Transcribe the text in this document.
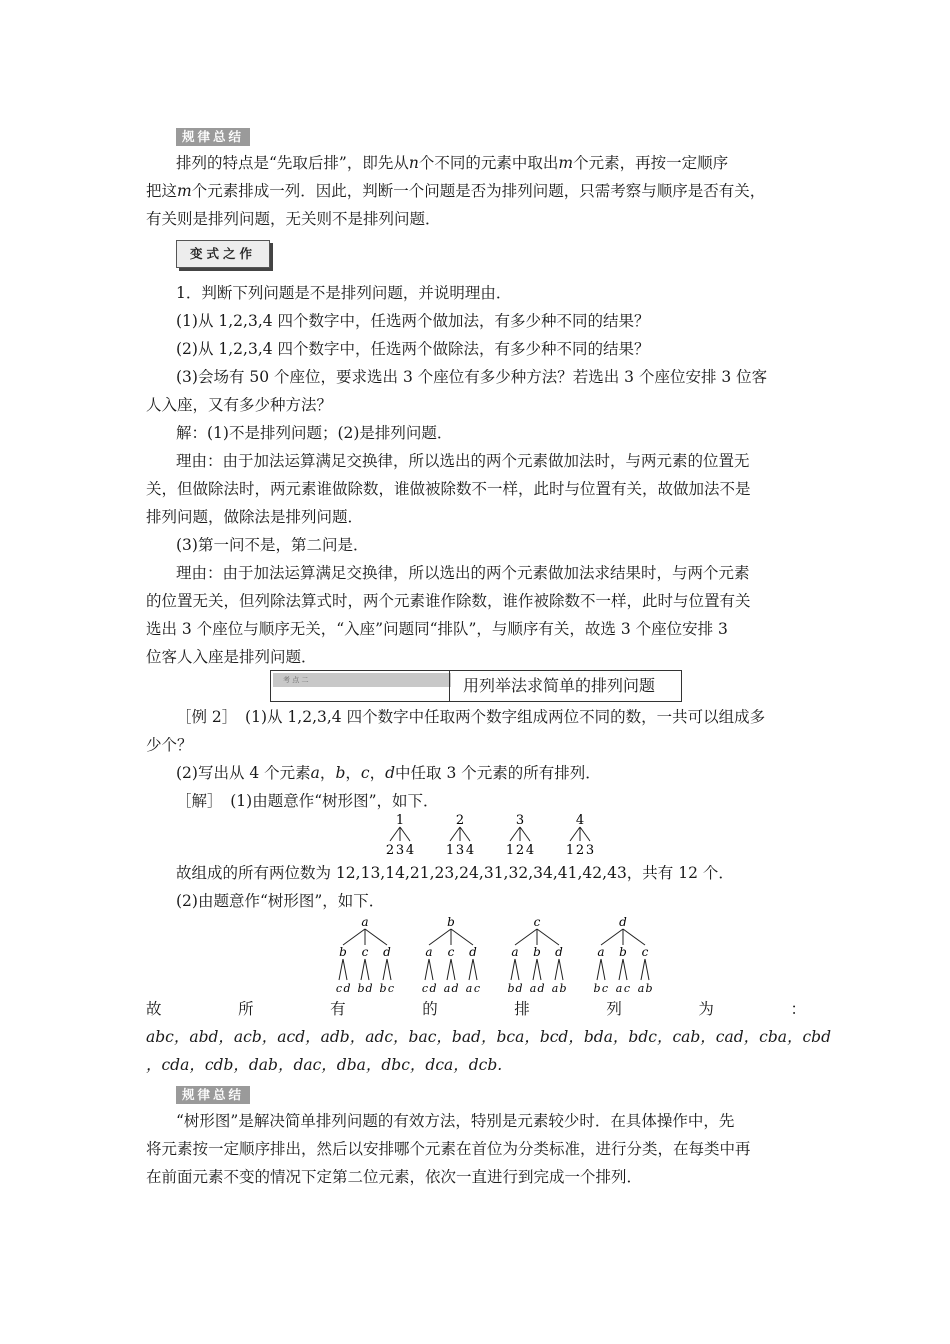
规律总结
排列的特点是“先取后排”，即先从n个不同的元素中取出m个元素，再按一定顺序
把这m个元素排成一列．因此，判断一个问题是否为排列问题，只需考察与顺序是否有关，
有关则是排列问题，无关则不是排列问题．
变式之作
1．判断下列问题是不是排列问题，并说明理由．
(1)从 1,2,3,4 四个数字中，任选两个做加法，有多少种不同的结果？
(2)从 1,2,3,4 四个数字中，任选两个做除法，有多少种不同的结果？
(3)会场有 50 个座位，要求选出 3 个座位有多少种方法？若选出 3 个座位安排 3 位客
人入座，又有多少种方法？
解：(1)不是排列问题；(2)是排列问题．
理由：由于加法运算满足交换律，所以选出的两个元素做加法时，与两元素的位置无
关，但做除法时，两元素谁做除数，谁做被除数不一样，此时与位置有关，故做加法不是
排列问题，做除法是排列问题．
(3)第一问不是，第二问是．
理由：由于加法运算满足交换律，所以选出的两个元素做加法求结果时，与两个元素
的位置无关，但列除法算式时，两个元素谁作除数，谁作被除数不一样，此时与位置有关
选出 3 个座位与顺序无关，“入座”问题同“排队”，与顺序有关，故选 3 个座位安排 3
位客人入座是排列问题．
考 点 二	用列举法求简单的排列问题
［例 2］　(1)从 1,2,3,4 四个数字中任取两个数字组成两位不同的数，一共可以组成多
少个？
(2)写出从 4 个元素a，b，c，d中任取 3 个元素的所有排列．
［解］　(1)由题意作“树形图”，如下．
1
2 3 4
2
1 3 4
3
1 2 4
4
1 2 3
故组成的所有两位数为 12,13,14,21,23,24,31,32,34,41,42,43，共有 12 个．
(2)由题意作“树形图”，如下．
a
b
c d
c
b d
d
b c
b
a
c d
c
a d
d
a c
c
a
b d
b
a d
d
a b
d
a
b c
b
a c
c
a b
故	所	有	的	排	列	为	：
abc，abd，acb，acd，adb，adc，bac，bad，bca，bcd，bda，bdc，cab，cad，cba，cbd
，cda，cdb，dab，dac，dba，dbc，dca，dcb.
规律总结
“树形图”是解决简单排列问题的有效方法，特别是元素较少时．在具体操作中，先
将元素按一定顺序排出，然后以安排哪个元素在首位为分类标准，进行分类，在每类中再
在前面元素不变的情况下定第二位元素，依次一直进行到完成一个排列．
